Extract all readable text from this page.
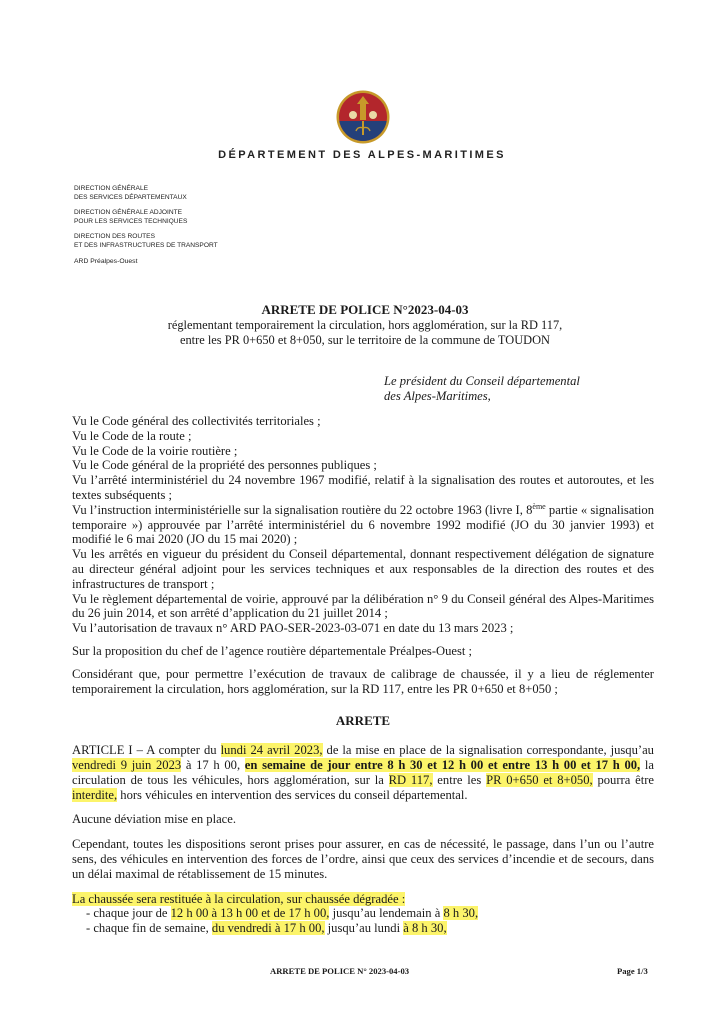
DÉPARTEMENT DES ALPES-MARITIMES
DIRECTION GÉNÉRALE
DES SERVICES DÉPARTEMENTAUX
DIRECTION GÉNÉRALE ADJOINTE
POUR LES SERVICES TECHNIQUES
DIRECTION DES ROUTES
ET DES INFRASTRUCTURES DE TRANSPORT
ARD Préalpes-Ouest
ARRETE DE POLICE N°2023-04-03
réglementant temporairement la circulation, hors agglomération, sur la RD 117,
entre les PR 0+650 et 8+050, sur le territoire de la commune de TOUDON
Le président du Conseil départemental
des Alpes-Maritimes,

Vu le Code général des collectivités territoriales ;

Vu le Code de la route ;

Vu le Code de la voirie routière ;

Vu le Code général de la propriété des personnes publiques ;

Vu l’arrêté interministériel du 24 novembre 1967 modifié, relatif à la signalisation des routes et autoroutes, et les textes subséquents ;

Vu l’instruction interministérielle sur la signalisation routière du 22 octobre 1963 (livre I, 8ème partie « signalisation temporaire ») approuvée par l’arrêté interministériel du 6 novembre 1992 modifié (JO du 30 janvier 1993) et modifié le 6 mai 2020 (JO du 15 mai 2020) ;

Vu les arrêtés en vigueur du président du Conseil départemental, donnant respectivement délégation de signature au directeur général adjoint pour les services techniques et aux responsables de la direction des routes et des infrastructures de transport ;

Vu le règlement départemental de voirie, approuvé par la délibération n° 9 du Conseil général des Alpes-Maritimes du 26 juin 2014, et son arrêté d’application du 21 juillet 2014 ;

Vu l’autorisation de travaux n° ARD PAO-SER-2023-03-071 en date du 13 mars 2023 ;

Sur la proposition du chef de l’agence routière départementale Préalpes-Ouest ;

Considérant que, pour permettre l’exécution de travaux de calibrage de chaussée, il y a lieu de réglementer temporairement la circulation, hors agglomération, sur la RD 117, entre les PR 0+650 et 8+050 ;

ARRETE

ARTICLE I – A compter du lundi 24 avril 2023, de la mise en place de la signalisation correspondante, jusqu’au vendredi 9 juin 2023 à 17 h 00, en semaine de jour entre 8 h 30 et 12 h 00 et entre 13 h 00 et 17 h 00, la circulation de tous les véhicules, hors agglomération, sur la RD 117, entre les PR 0+650 et 8+050, pourra être interdite, hors véhicules en intervention des services du conseil départemental.

Aucune déviation mise en place.

Cependant, toutes les dispositions seront prises pour assurer, en cas de nécessité, le passage, dans l’un ou l’autre sens, des véhicules en intervention des forces de l’ordre, ainsi que ceux des services d’incendie et de secours, dans un délai maximal de rétablissement de 15 minutes.

La chaussée sera restituée à la circulation, sur chaussée dégradée :

- chaque jour de 12 h 00 à 13 h 00 et de 17 h 00, jusqu’au lendemain à 8 h 30,

- chaque fin de semaine, du vendredi à 17 h 00, jusqu’au lundi à 8 h 30,

ARRETE DE POLICE N° 2023-04-03	Page 1/3
